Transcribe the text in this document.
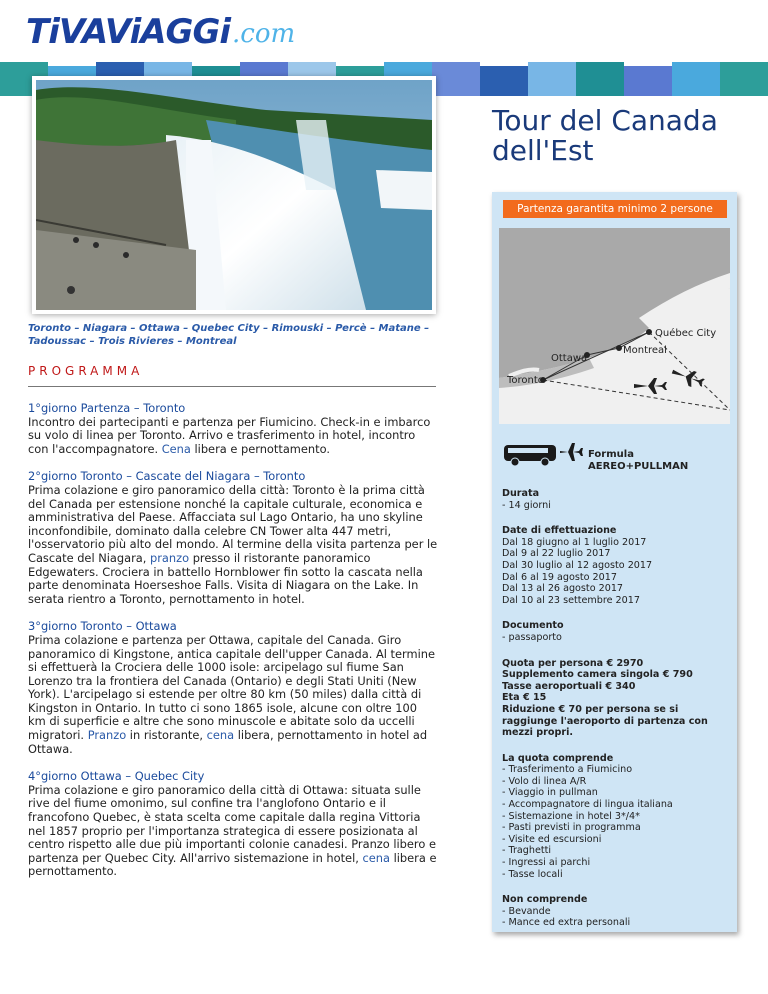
TiVAViAGGi .com
Tour del Canada dell'Est
Toronto – Niagara – Ottawa – Quebec City – Rimouski – Percè – Matane – Tadoussac – Trois Rivieres – Montreal
PROGRAMMA
1°giorno Partenza – Toronto
Incontro dei partecipanti e partenza per Fiumicino. Check-in e imbarco su volo di linea per Toronto. Arrivo e trasferimento in hotel, incontro con l'accompagnatore. Cena libera e pernottamento.
2°giorno Toronto – Cascate del Niagara – Toronto
Prima colazione e giro panoramico della città: Toronto è la prima città del Canada per estensione nonché la capitale culturale, economica e amministrativa del Paese. Affacciata sul Lago Ontario, ha uno skyline inconfondibile, dominato dalla celebre CN Tower alta 447 metri, l'osservatorio più alto del mondo. Al termine della visita partenza per le Cascate del Niagara, pranzo presso il ristorante panoramico Edgewaters. Crociera in battello Hornblower fin sotto la cascata nella parte denominata Hoerseshoe Falls. Visita di Niagara on the Lake. In serata rientro a Toronto, pernottamento in hotel.
3°giorno Toronto – Ottawa
Prima colazione e partenza per Ottawa, capitale del Canada. Giro panoramico di Kingstone, antica capitale dell'upper Canada. Al termine si effettuerà la Crociera delle 1000 isole: arcipelago sul fiume San Lorenzo tra la frontiera del Canada (Ontario) e degli Stati Uniti (New York). L'arcipelago si estende per oltre 80 km (50 miles) dalla città di Kingston in Ontario. In tutto ci sono 1865 isole, alcune con oltre 100 km di superficie e altre che sono minuscole e abitate solo da uccelli migratori. Pranzo in ristorante, cena libera, pernottamento in hotel ad Ottawa.
4°giorno Ottawa – Quebec City
Prima colazione e giro panoramico della città di Ottawa: situata sulle rive del fiume omonimo, sul confine tra l'anglofono Ontario e il francofono Quebec, è stata scelta come capitale dalla regina Vittoria nel 1857 proprio per l'importanza strategica di essere posizionata al centro rispetto alle due più importanti colonie canadesi. Pranzo libero e partenza per Quebec City. All'arrivo sistemazione in hotel, cena libera e pernottamento.
Partenza garantita minimo 2 persone
Québec City
Montreal
Ottawa
Toronto
Formula
AEREO+PULLMAN
Durata
- 14 giorni
Date di effettuazione
Dal 18 giugno al 1 luglio 2017
Dal 9 al 22 luglio 2017
Dal 30 luglio al 12 agosto 2017
Dal 6 al 19 agosto 2017
Dal 13 al 26 agosto 2017
Dal 10 al 23 settembre 2017
Documento
- passaporto
Quota per persona € 2970
Supplemento camera singola € 790
Tasse aeroportuali € 340
Eta € 15
Riduzione € 70 per persona se si raggiunge l'aeroporto di partenza con mezzi propri.
La quota comprende
- Trasferimento a Fiumicino
- Volo di linea A/R
- Viaggio in pullman
- Accompagnatore di lingua italiana
- Sistemazione in hotel 3*/4*
- Pasti previsti in programma
- Visite ed escursioni
- Traghetti
- Ingressi ai parchi
- Tasse locali
Non comprende
- Bevande
- Mance ed extra personali
